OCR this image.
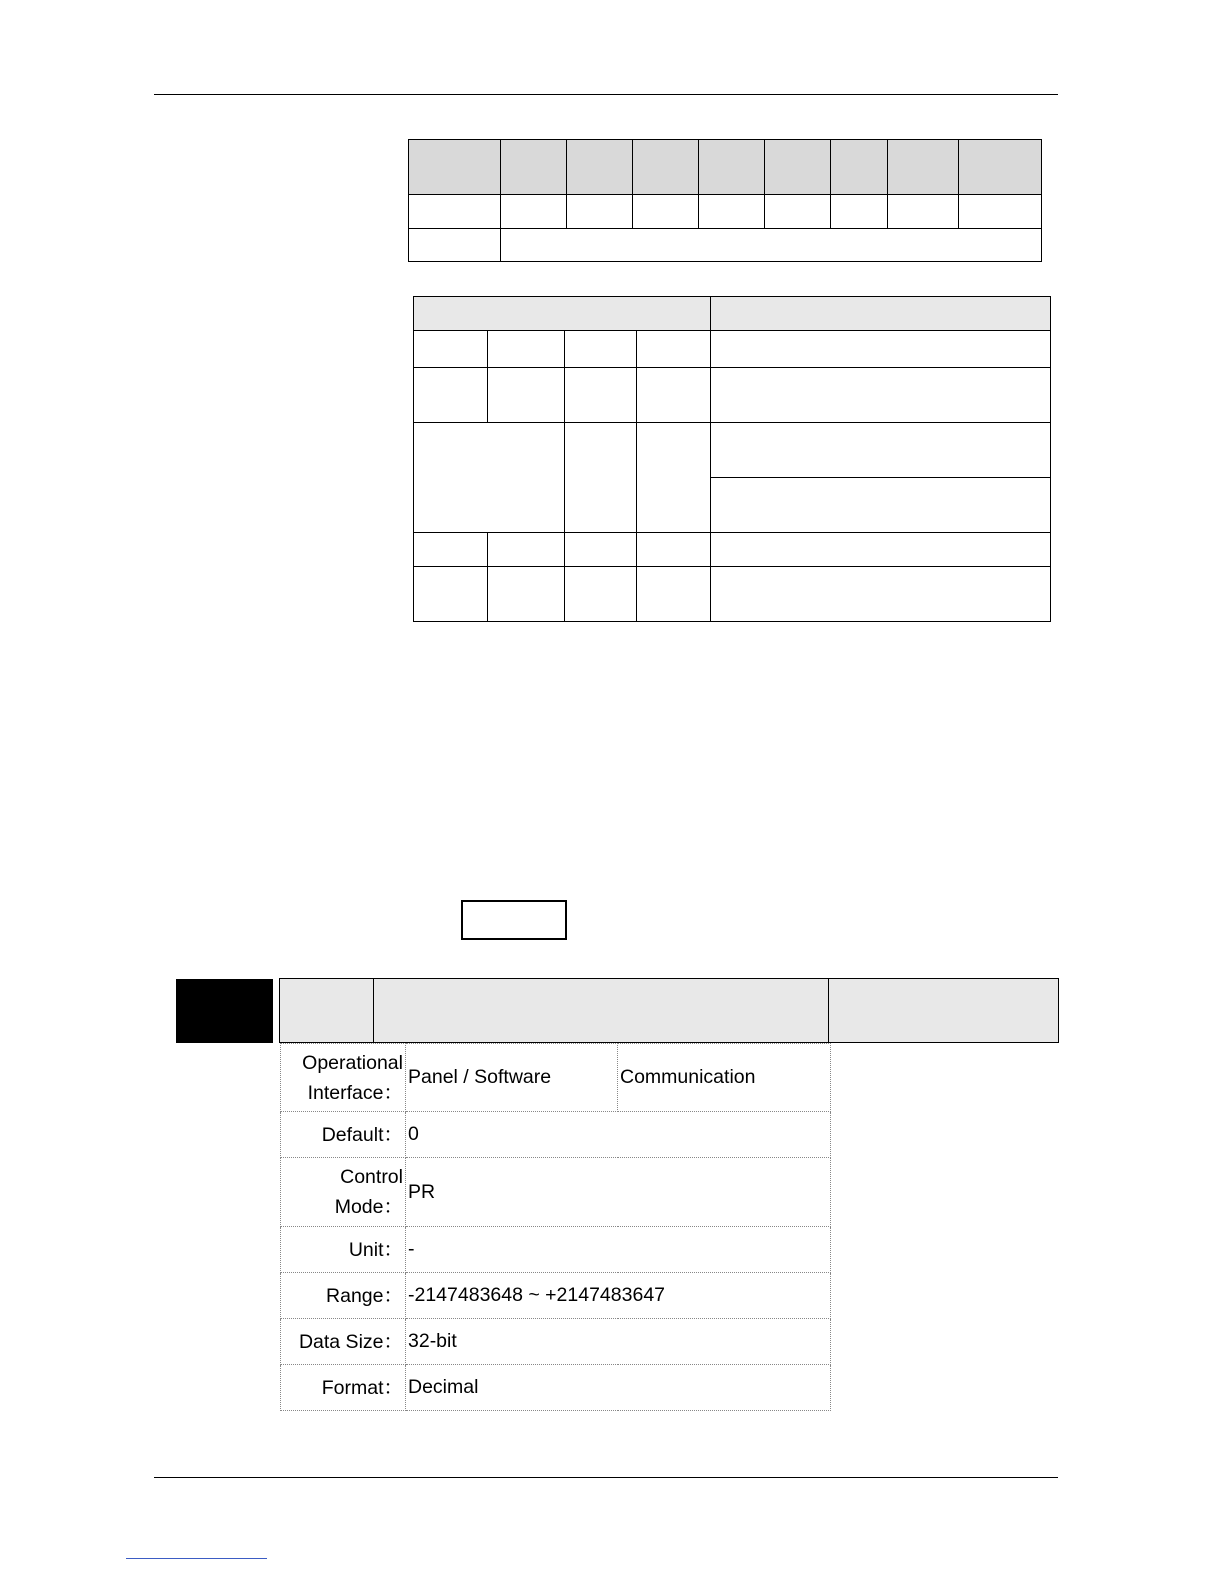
Operational Interface：	Panel / Software	Communication
Default：	0	
Control Mode：	PR	
Unit：	-	
Range：	-2147483648 ~ +2147483647	
Data Size：	32-bit	
Format：	Decimal	
